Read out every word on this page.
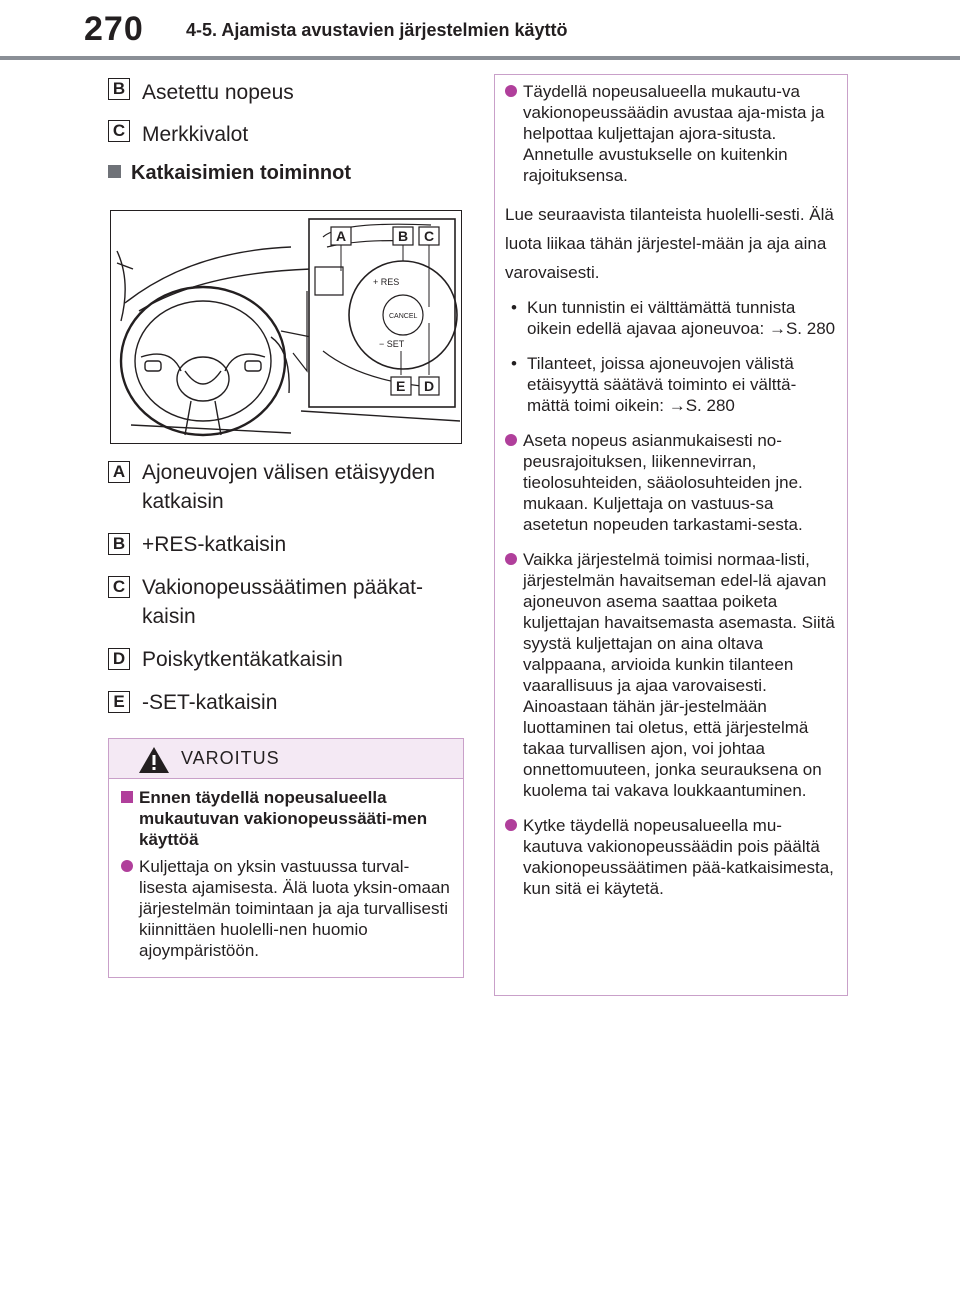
270 4-5. Ajamista avustavien järjestelmien käyttö
B Asetettu nopeus
C Merkkivalot
Katkaisimien toiminnot
+ RES
CANCEL
− SET
A	B C
E D
A Ajoneuvojen välisen etäisyyden katkaisin
B +RES-katkaisin
C Vakionopeussäätimen pääkat-kaisin
D Poiskytkentäkatkaisin
E -SET-katkaisin
VAROITUS
Ennen täydellä nopeusalueella mukautuvan vakionopeussääti-men käyttöä
Kuljettaja on yksin vastuussa turval-lisesta ajamisesta. Älä luota yksin-omaan järjestelmän toimintaan ja aja turvallisesti kiinnittäen huolelli-nen huomio ajoympäristöön.
Täydellä nopeusalueella mukautu-va vakionopeussäädin avustaa aja-mista ja helpottaa kuljettajan ajora-situsta. Annetulle avustukselle on kuitenkin rajoituksensa.
Lue seuraavista tilanteista huolelli-sesti. Älä luota liikaa tähän järjestel-mään ja aja aina varovaisesti.
• Kun tunnistin ei välttämättä tunnista oikein edellä ajavaa ajoneuvoa: →S. 280
• Tilanteet, joissa ajoneuvojen välistä etäisyyttä säätävä toiminto ei välttä-mättä toimi oikein: →S. 280
Aseta nopeus asianmukaisesti no-peusrajoituksen, liikennevirran, tieolosuhteiden, sääolosuhteiden jne. mukaan. Kuljettaja on vastuus-sa asetetun nopeuden tarkastami-sesta.
Vaikka järjestelmä toimisi normaa-listi, järjestelmän havaitseman edel-lä ajavan ajoneuvon asema saattaa poiketa kuljettajan havaitsemasta asemasta. Siitä syystä kuljettajan on aina oltava valppaana, arvioida kunkin tilanteen vaarallisuus ja ajaa varovaisesti. Ainoastaan tähän jär-jestelmään luottaminen tai oletus, että järjestelmä takaa turvallisen ajon, voi johtaa onnettomuuteen, jonka seurauksena on kuolema tai vakava loukkaantuminen.
Kytke täydellä nopeusalueella mu-kautuva vakionopeussäädin pois päältä vakionopeussäätimen pää-katkaisimesta, kun sitä ei käytetä.
